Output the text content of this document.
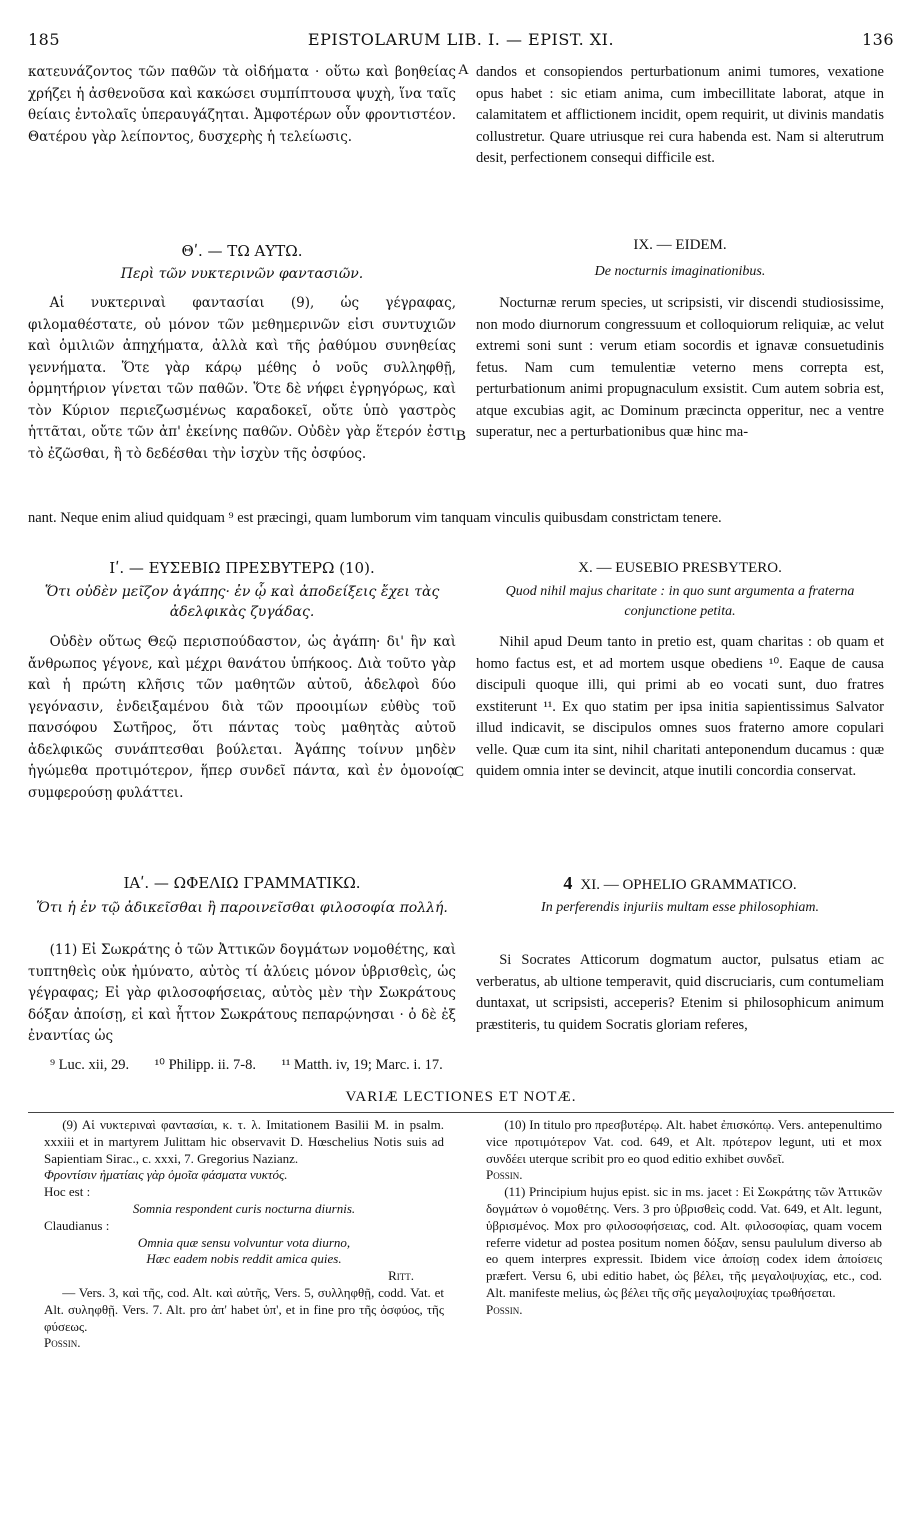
185	EPISTOLARUM LIB. I. — EPIST. XI.	136

κατευνάζοντος τῶν παθῶν τὰ οἰδήματα · οὕτω καὶ βοηθείας χρήζει ἡ ἀσθενοῦσα καὶ κακώσει συμπίπτουσα ψυχὴ, ἵνα ταῖς θείαις ἐντολαῖς ὑπεραυγάζηται. Ἀμφοτέρων οὖν φροντιστέον. Θατέρου γὰρ λείποντος, δυσχερὴς ἡ τελείωσις.

A dandos et consopiendos perturbationum animi tumores, vexatione opus habet : sic etiam anima, cum imbecillitate laborat, atque in calamitatem et afflictionem incidit, opem requirit, ut divinis mandatis collustretur. Quare utriusque rei cura habenda est. Nam si alterutrum desit, perfectionem consequi difficile est.

Θʹ. — ΤΩ ΑΥΤΩ.
Περὶ τῶν νυκτερινῶν φαντασιῶν.
IX. — EIDEM.
De nocturnis imaginationibus.

Αἱ νυκτεριναὶ φαντασίαι (9), ὡς γέγραφας, φιλομαθέστατε, οὐ μόνον τῶν μεθημερινῶν εἰσι συντυχιῶν καὶ ὁμιλιῶν ἀπηχήματα, ἀλλὰ καὶ τῆς ῥαθύμου συνηθείας γεννήματα. Ὅτε γὰρ κάρῳ μέθης ὁ νοῦς συλληφθῇ, ὁρμητήριον γίνεται τῶν παθῶν. Ὅτε δὲ νήφει ἐγρηγόρως, καὶ τὸν Κύριον περιεζωσμένως καραδοκεῖ, οὔτε ὑπὸ γαστρὸς ἡττᾶται, οὔτε τῶν ἀπ' ἐκείνης παθῶν. Οὐδὲν γὰρ ἕτερόν ἐστι τὸ ἐζῶσθαι, ἢ τὸ δεδέσθαι τὴν ἰσχὺν τῆς ὀσφύος.

B

Nocturnæ rerum species, ut scripsisti, vir discendi studiosissime, non modo diurnorum congressuum et colloquiorum reliquiæ, ac velut extremi soni sunt : verum etiam socordis et ignavæ consuetudinis fetus. Nam cum temulentiæ veterno mens correpta est, perturbationum animi propugnaculum exsistit. Cum autem sobria est, atque excubias agit, ac Dominum præcincta opperitur, nec a ventre superatur, nec a perturbationibus quæ hinc ma-

nant. Neque enim aliud quidquam ⁹ est præcingi, quam lumborum vim tanquam vinculis quibusdam constrictam tenere.
Iʹ. — ΕΥΣΕΒΙΩ ΠΡΕΣΒΥΤΕΡΩ (10).
Ὅτι οὐδὲν μεῖζον ἀγάπης· ἐν ᾧ καὶ ἀποδείξεις ἔχει τὰς ἀδελφικὰς ζυγάδας.
X. — EUSEBIO PRESBYTERO.
Quod nihil majus charitate : in quo sunt argumenta a fraterna conjunctione petita.

Οὐδὲν οὕτως Θεῷ περισπούδαστον, ὡς ἀγάπη· δι' ἣν καὶ ἄνθρωπος γέγονε, καὶ μέχρι θανάτου ὑπήκοος. Διὰ τοῦτο γὰρ καὶ ἡ πρώτη κλῆσις τῶν μαθητῶν αὐτοῦ, ἀδελφοὶ δύο γεγόνασιν, ἐνδειξαμένου διὰ τῶν προοιμίων εὐθὺς τοῦ πανσόφου Σωτῆρος, ὅτι πάντας τοὺς μαθητὰς αὐτοῦ ἀδελφικῶς συνάπτεσθαι βούλεται. Ἀγάπης τοίνυν μηδὲν ἡγώμεθα προτιμότερον, ἥπερ συνδεῖ πάντα, καὶ ἐν ὁμονοίᾳ συμφερούσῃ φυλάττει.

C

Nihil apud Deum tanto in pretio est, quam charitas : ob quam et homo factus est, et ad mortem usque obediens ¹⁰. Eaque de causa discipuli quoque illi, qui primi ab eo vocati sunt, duo fratres exstiterunt ¹¹. Ex quo statim per ipsa initia sapientissimus Salvator illud indicavit, se discipulos omnes suos fraterno amore copulari velle. Quæ cum ita sint, nihil charitati anteponendum ducamus : quæ quidem omnia inter se devincit, atque inutili concordia conservat.

ΙΑʹ. — ΩΦΕΛΙΩ ΓΡΑΜΜΑΤΙΚΩ.
Ὅτι ἡ ἐν τῷ ἀδικεῖσθαι ἢ παροινεῖσθαι φιλοσοφία πολλή.
4 XI. — OPHELIO GRAMMATICO.
In perferendis injuriis multam esse philosophiam.

(11) Εἰ Σωκράτης ὁ τῶν Ἀττικῶν δογμάτων νομοθέτης, καὶ τυπτηθεὶς οὐκ ἠμύνατο, αὐτὸς τί ἀλύεις μόνον ὑβρισθεὶς, ὡς γέγραφας; Εἰ γὰρ φιλοσοφήσειας, αὐτὸς μὲν τὴν Σωκράτους δόξαν ἀποίσῃ, εἰ καὶ ἧττον Σωκράτους πεπαρῴνησαι · ὁ δὲ ἐξ ἐναντίας ὡς

Si Socrates Atticorum dogmatum auctor, pulsatus etiam ac verberatus, ab ultione temperavit, quid discruciaris, cum contumeliam duntaxat, ut scripsisti, acceperis? Etenim si philosophicum animum præstiteris, tu quidem Socratis gloriam referes,

⁹ Luc. xii, 29. ¹⁰ Philipp. ii. 7-8. ¹¹ Matth. iv, 19; Marc. i. 17.
VARIÆ LECTIONES ET NOTÆ.

(9) Αἱ νυκτεριναὶ φαντασίαι, κ. τ. λ. Imitationem Basilii M. in psalm. xxxiii et in martyrem Julittam hic observavit D. Hœschelius Notis suis ad Sapientiam Sirac., c. xxxi, 7. Gregorius Nazianz.

Φροντίσιν ἠματίαις γὰρ ὁμοῖα φάσματα νυκτός.

Hoc est :

Somnia respondent curis nocturna diurnis.

Claudianus :

Omnia quæ sensu volvuntur vota diurno,

Hæc eadem nobis reddit amica quies.

Ritt.

— Vers. 3, καὶ τῆς, cod. Alt. καὶ αὐτῆς, Vers. 5, συλληφθῇ, codd. Vat. et Alt. συληφθῇ. Vers. 7. Alt. pro ἀπ' habet ὑπ', et in fine pro τῆς ὀσφύος, τῆς φύσεως.

Possin.

(10) In titulo pro πρεσβυτέρῳ. Alt. habet ἐπισκόπῳ. Vers. antepenultimo vice προτιμότερον Vat. cod. 649, et Alt. πρότερον legunt, uti et mox συνδέει uterque scribit pro eo quod editio exhibet συνδεῖ.

Possin.

(11) Principium hujus epist. sic in ms. jacet : Εἰ Σωκράτης τῶν Ἀττικῶν δογμάτων ὁ νομοθέτης. Vers. 3 pro ὑβρισθεὶς codd. Vat. 649, et Alt. legunt, ὑβρισμένος. Mox pro φιλοσοφήσειας, cod. Alt. φιλοσοφίας, quam vocem referre videtur ad postea positum nomen δόξαν, sensu paululum diverso ab eo quem interpres expressit. Ibidem vice ἀποίσῃ codex idem ἀποίσεις præfert. Versu 6, ubi editio habet, ὡς βέλει, τῆς μεγαλοψυχίας, etc., cod. Alt. manifeste melius, ὡς βέλει τῆς σῆς μεγαλοψυχίας τρωθήσεται.

Possin.
